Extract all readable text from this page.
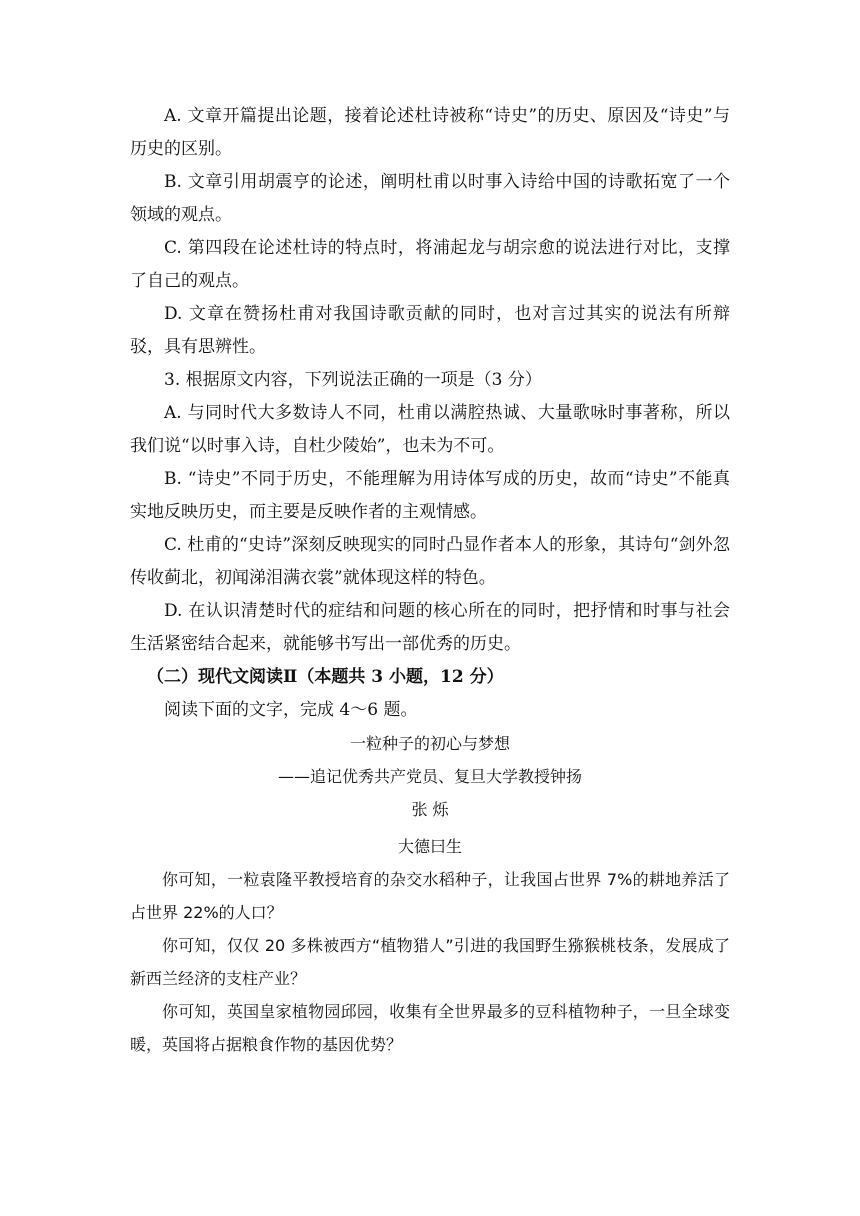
A. 文章开篇提出论题，接着论述杜诗被称“诗史”的历史、原因及“诗史”与历史的区别。

B. 文章引用胡震亨的论述，阐明杜甫以时事入诗给中国的诗歌拓宽了一个领域的观点。

C. 第四段在论述杜诗的特点时，将浦起龙与胡宗愈的说法进行对比，支撑了自己的观点。

D. 文章在赞扬杜甫对我国诗歌贡献的同时，也对言过其实的说法有所辩驳，具有思辨性。

3. 根据原文内容，下列说法正确的一项是（3 分）

A. 与同时代大多数诗人不同，杜甫以满腔热诚、大量歌咏时事著称，所以我们说“以时事入诗，自杜少陵始”，也未为不可。

B. “诗史”不同于历史，不能理解为用诗体写成的历史，故而“诗史”不能真实地反映历史，而主要是反映作者的主观情感。

C. 杜甫的“史诗”深刻反映现实的同时凸显作者本人的形象，其诗句“剑外忽传收蓟北，初闻涕泪满衣裳”就体现这样的特色。

D. 在认识清楚时代的症结和问题的核心所在的同时，把抒情和时事与社会生活紧密结合起来，就能够书写出一部优秀的历史。

（二）现代文阅读Ⅱ（本题共 3 小题，12 分）

阅读下面的文字，完成 4～6 题。

一粒种子的初心与梦想

——追记优秀共产党员、复旦大学教授钟扬

张 烁

大德曰生

你可知，一粒袁隆平教授培育的杂交水稻种子，让我国占世界 7%的耕地养活了占世界 22%的人口？

你可知，仅仅 20 多株被西方“植物猎人”引进的我国野生猕猴桃枝条，发展成了新西兰经济的支柱产业？

你可知，英国皇家植物园邱园，收集有全世界最多的豆科植物种子，一旦全球变暖，英国将占据粮食作物的基因优势？
